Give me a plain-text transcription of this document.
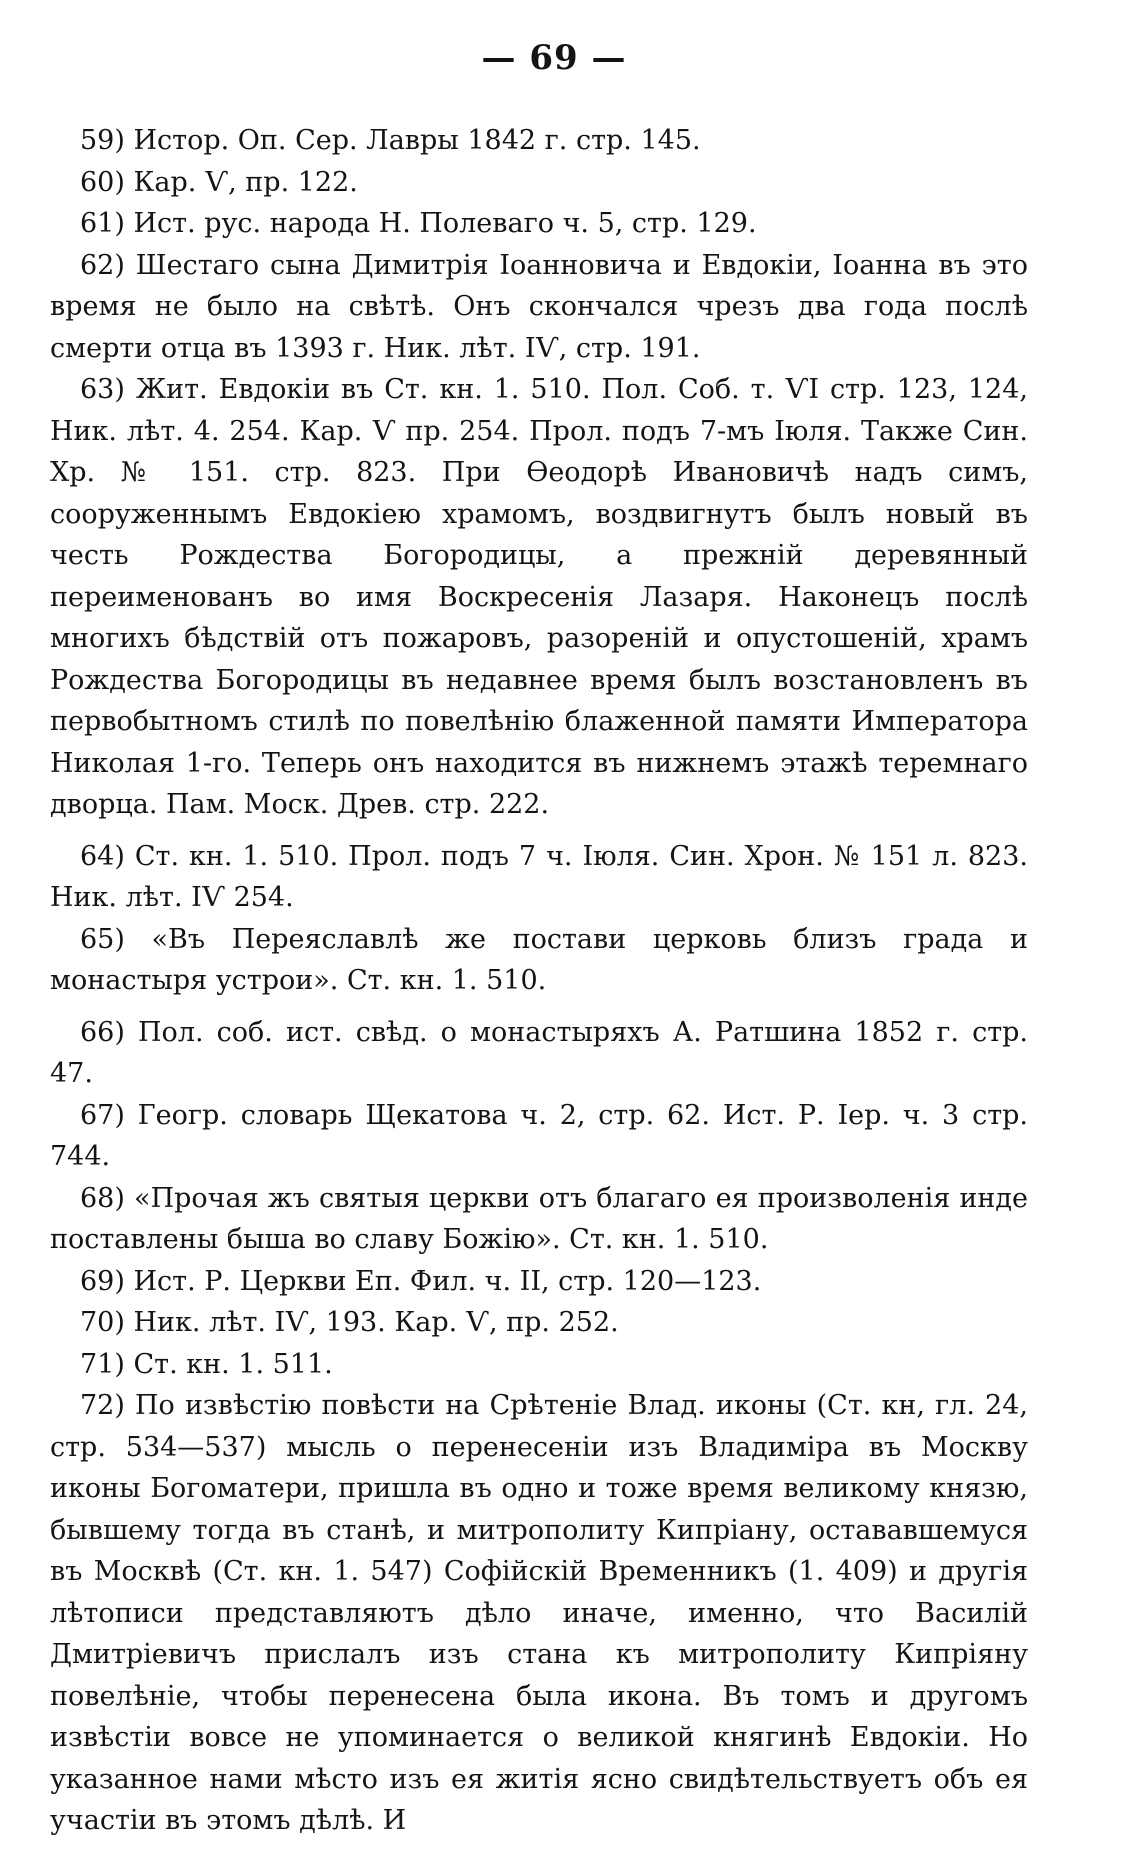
— 69 —

59) Истор. Оп. Сер. Лавры 1842 г. стр. 145.

60) Кар. Ѵ, пр. 122.

61) Ист. рус. народа Н. Полеваго ч. 5, стр. 129.

62) Шестаго сына Димитрія Іоанновича и Евдокіи, Іоанна въ это время не было на свѣтѣ. Онъ скончался чрезъ два года послѣ смерти отца въ 1393 г. Ник. лѣт. IѴ, стр. 191.

63) Жит. Евдокіи въ Ст. кн. 1. 510. Пол. Соб. т. ѴI стр. 123, 124, Ник. лѣт. 4. 254. Кар. Ѵ пр. 254. Прол. подъ 7-мъ Іюля. Также Син. Хр. № 151. стр. 823. При Ѳеодорѣ Ивановичѣ надъ симъ, сооруженнымъ Евдокіею храмомъ, воздвигнутъ былъ новый въ честь Рождества Богородицы, а прежній деревянный переименованъ во имя Воскресенія Лазаря. Наконецъ послѣ многихъ бѣдствій отъ пожаровъ, разореній и опустошеній, храмъ Рождества Богородицы въ недавнее время былъ возстановленъ въ первобытномъ стилѣ по повелѣнію блаженной памяти Императора Николая 1-го. Теперь онъ находится въ нижнемъ этажѣ теремнаго дворца. Пам. Моск. Древ. стр. 222.

64) Ст. кн. 1. 510. Прол. подъ 7 ч. Іюля. Син. Хрон. № 151 л. 823. Ник. лѣт. IѴ 254.

65) «Въ Переяславлѣ же постави церковь близъ града и монастыря устрои». Ст. кн. 1. 510.

66) Пол. соб. ист. свѣд. о монастыряхъ А. Ратшина 1852 г. стр. 47.

67) Геогр. словарь Щекатова ч. 2, стр. 62. Ист. Р. Іер. ч. 3 стр. 744.

68) «Прочая жъ святыя церкви отъ благаго ея произволенія инде поставлены быша во славу Божію». Ст. кн. 1. 510.

69) Ист. Р. Церкви Еп. Фил. ч. II, стр. 120—123.

70) Ник. лѣт. IѴ, 193. Кар. Ѵ, пр. 252.

71) Ст. кн. 1. 511.

72) По извѣстію повѣсти на Срѣтеніе Влад. иконы (Ст. кн, гл. 24, стр. 534—537) мысль о перенесеніи изъ Владиміра въ Москву иконы Богоматери, пришла въ одно и тоже время великому князю, бывшему тогда въ станѣ, и митрополиту Кипріану, остававшемуся въ Москвѣ (Ст. кн. 1. 547) Софійскій Временникъ (1. 409) и другія лѣтописи представляютъ дѣло иначе, именно, что Василій Дмитріевичъ прислалъ изъ стана къ митрополиту Кипріяну повелѣніе, чтобы перенесена была икона. Въ томъ и другомъ извѣстіи вовсе не упоминается о великой княгинѣ Евдокіи. Но указанное нами мѣсто изъ ея житія ясно свидѣтельствуетъ объ ея участіи въ этомъ дѣлѣ. И
